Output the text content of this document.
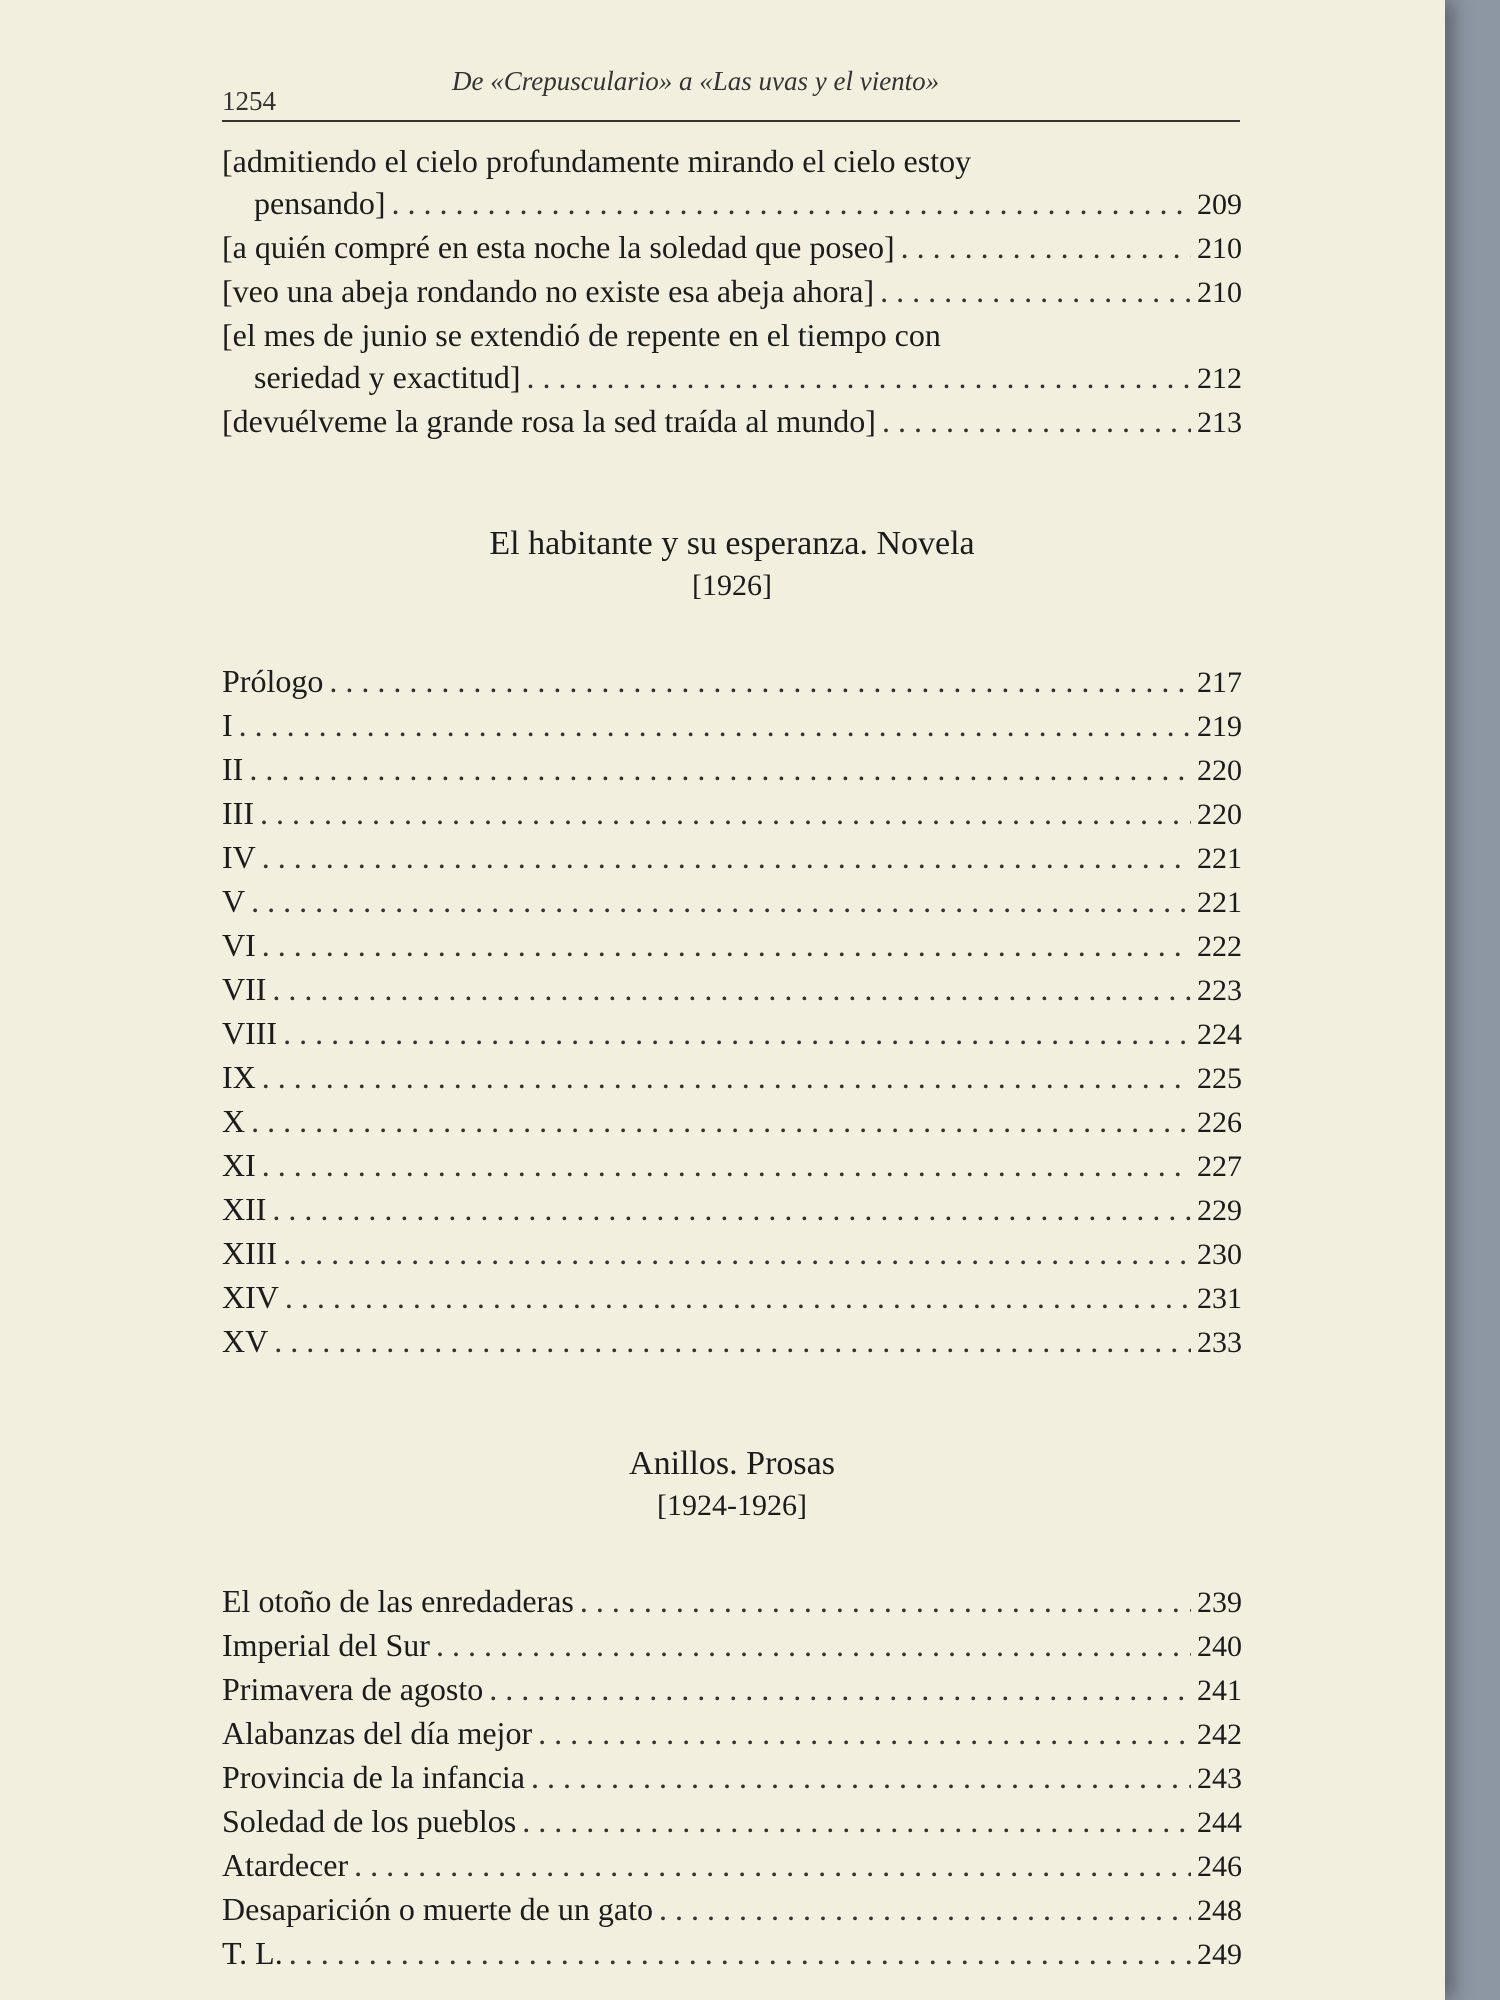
1254
De «Crepusculario» a «Las uvas y el viento»
[admitiendo el cielo profundamente mirando el cielo estoy
pensando] . . .	209
[a quién compré en esta noche la soledad que poseo] . . .	210
[veo una abeja rondando no existe esa abeja ahora] . . .	210
[el mes de junio se extendió de repente en el tiempo con
seriedad y exactitud] . . .	212
[devuélveme la grande rosa la sed traída al mundo] . . .	213
El habitante y su esperanza. Novela
[1926]
Prólogo . . .	217
I . . .	219
II . . .	220
III . . .	220
IV . . .	221
V . . .	221
VI . . .	222
VII . . .	223
VIII . . .	224
IX . . .	225
X . . .	226
XI . . .	227
XII . . .	229
XIII . . .	230
XIV . . .	231
XV . . .	233
Anillos. Prosas
[1924-1926]
El otoño de las enredaderas . . .	239
Imperial del Sur . . .	240
Primavera de agosto . . .	241
Alabanzas del día mejor . . .	242
Provincia de la infancia . . .	243
Soledad de los pueblos . . .	244
Atardecer . . .	246
Desaparición o muerte de un gato . . .	248
T. L. . . .	249
